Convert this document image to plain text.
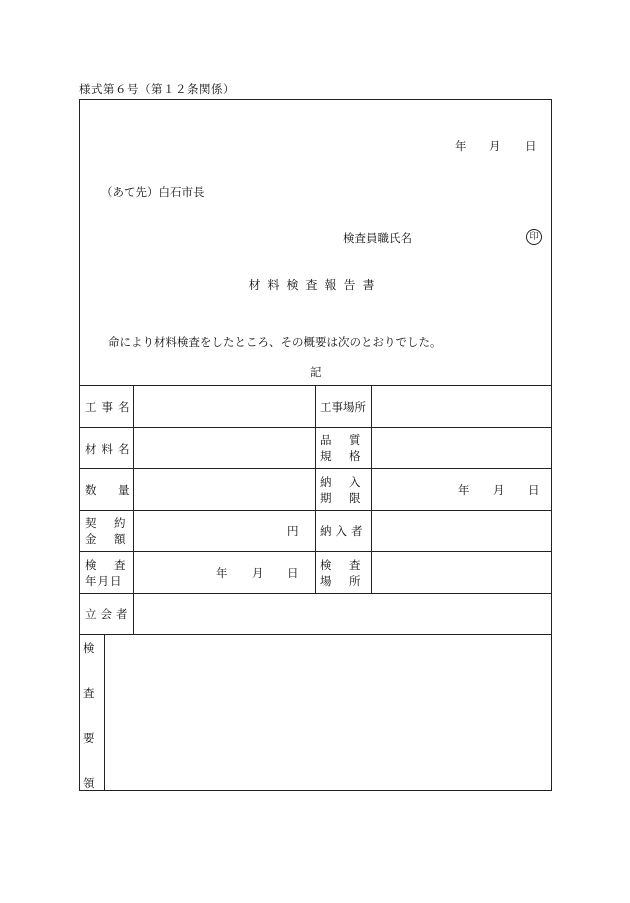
様式第６号（第１２条関係）
年 月 日
（あて先）白石市長
検査員職氏名	印
材料検査報告書
命により材料検査をしたところ、その概要は次のとおりでした。
記
工事名	工事場所
材料名
品　質
規　格
数　量
納　入
期　限
年 月 日
契　約
金　額
円 納入者
検　査
年月日
年 月 日
検　査
場　所
立会者
検
査
要
領
